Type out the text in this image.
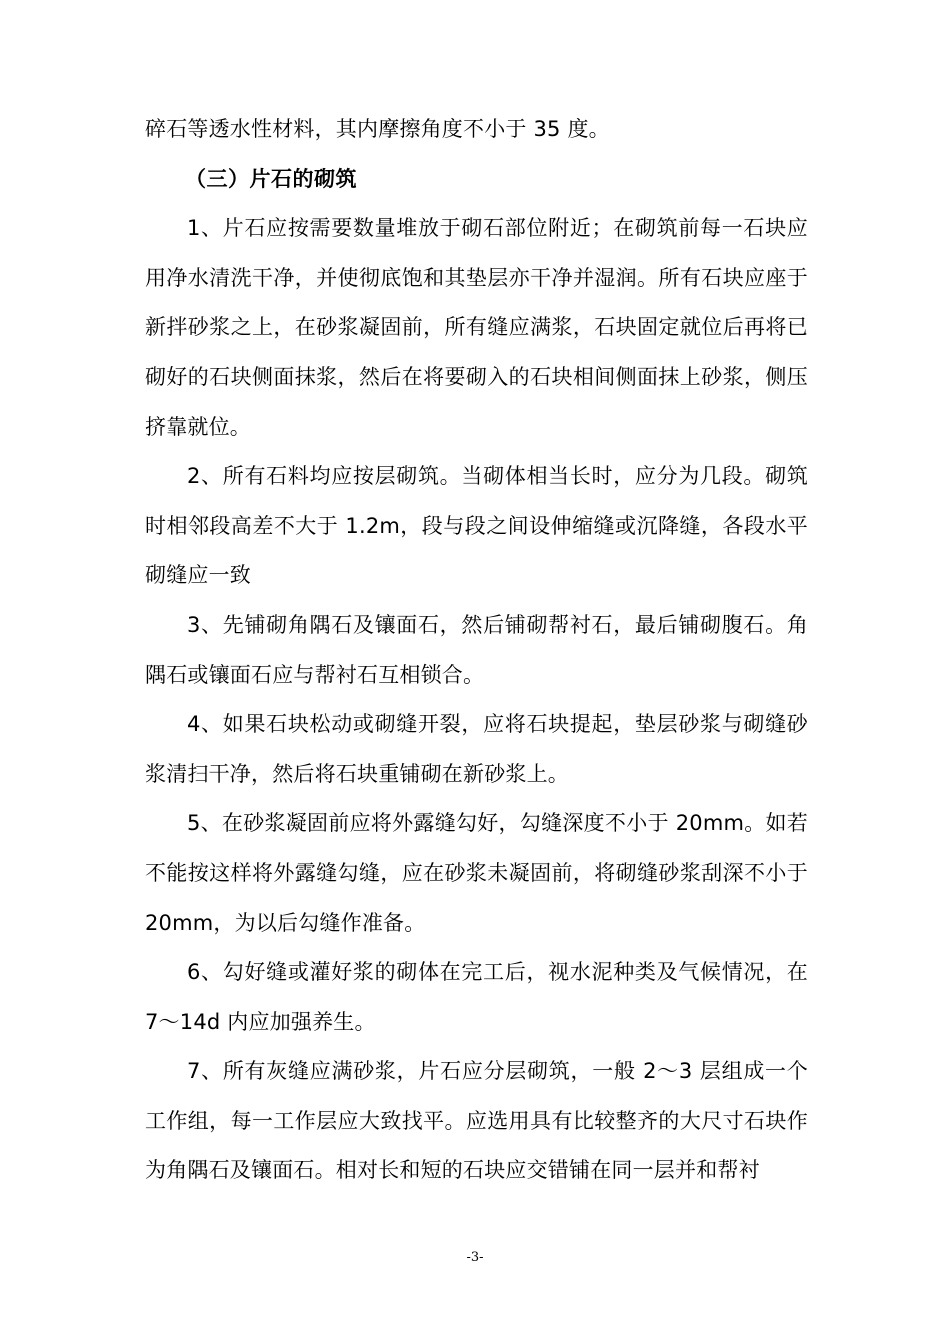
碎石等透水性材料，其内摩擦角度不小于 35 度。

（三）片石的砌筑

1、片石应按需要数量堆放于砌石部位附近；在砌筑前每一石块应用净水清洗干净，并使彻底饱和其垫层亦干净并湿润。所有石块应座于新拌砂浆之上，在砂浆凝固前，所有缝应满浆，石块固定就位后再将已砌好的石块侧面抹浆，然后在将要砌入的石块相间侧面抹上砂浆，侧压挤靠就位。

2、所有石料均应按层砌筑。当砌体相当长时，应分为几段。砌筑时相邻段高差不大于 1.2m，段与段之间设伸缩缝或沉降缝，各段水平砌缝应一致

3、先铺砌角隅石及镶面石，然后铺砌帮衬石，最后铺砌腹石。角隅石或镶面石应与帮衬石互相锁合。

4、如果石块松动或砌缝开裂，应将石块提起，垫层砂浆与砌缝砂浆清扫干净，然后将石块重铺砌在新砂浆上。

5、在砂浆凝固前应将外露缝勾好，勾缝深度不小于 20mm。如若不能按这样将外露缝勾缝，应在砂浆未凝固前，将砌缝砂浆刮深不小于 20mm，为以后勾缝作准备。

6、勾好缝或灌好浆的砌体在完工后，视水泥种类及气候情况，在 7～14d 内应加强养生。

7、所有灰缝应满砂浆，片石应分层砌筑，一般 2～3 层组成一个工作组，每一工作层应大致找平。应选用具有比较整齐的大尺寸石块作为角隅石及镶面石。相对长和短的石块应交错铺在同一层并和帮衬

-3-
